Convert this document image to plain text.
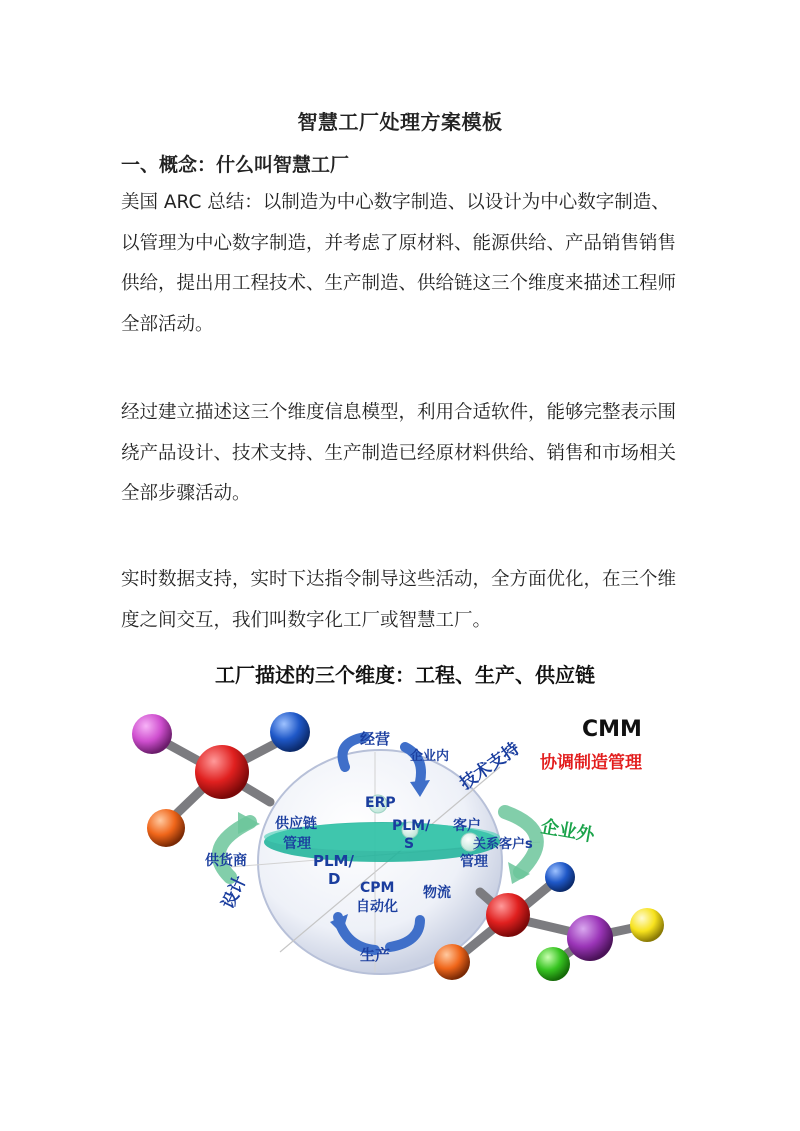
智慧工厂处理方案模板
一、概念：什么叫智慧工厂
美国 ARC 总结：以制造为中心数字制造、以设计为中心数字制造、
以管理为中心数字制造，并考虑了原材料、能源供给、产品销售销售
供给，提出用工程技术、生产制造、供给链这三个维度来描述工程师
全部活动。
经过建立描述这三个维度信息模型，利用合适软件，能够完整表示围
绕产品设计、技术支持、生产制造已经原材料供给、销售和市场相关
全部步骤活动。
实时数据支持，实时下达指令制导这些活动，全方面优化，在三个维
度之间交互，我们叫数字化工厂或智慧工厂。
工厂描述的三个维度：工程、生产、供应链
CMM
协调制造管理
经营
企业内 技术支持
ERP
PLM/
S
客户
关系客户s
管理
供应链
管理
供货商	PLM/
D CPM
自动化
物流
设计
生产
企业外
